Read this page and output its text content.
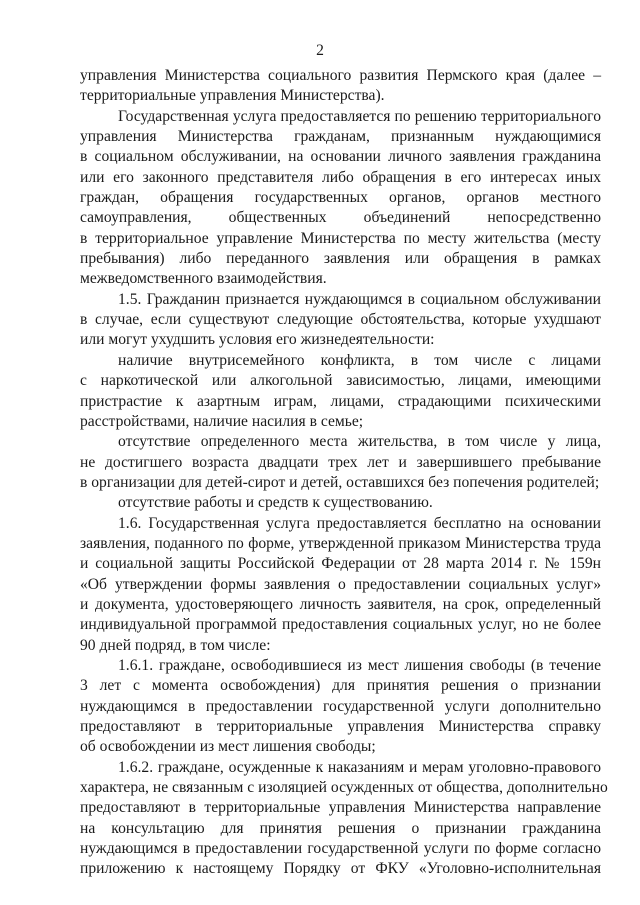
2
управления Министерства социального развития Пермского края (далее –
территориальные управления Министерства).
Государственная услуга предоставляется по решению территориального
управления Министерства гражданам, признанным нуждающимися
в социальном обслуживании, на основании личного заявления гражданина
или его законного представителя либо обращения в его интересах иных
граждан, обращения государственных органов, органов местного
самоуправления, общественных объединений непосредственно
в территориальное управление Министерства по месту жительства (месту
пребывания) либо переданного заявления или обращения в рамках
межведомственного взаимодействия.
1.5. Гражданин признается нуждающимся в социальном обслуживании
в случае, если существуют следующие обстоятельства, которые ухудшают
или могут ухудшить условия его жизнедеятельности:
наличие внутрисемейного конфликта, в том числе с лицами
с наркотической или алкогольной зависимостью, лицами, имеющими
пристрастие к азартным играм, лицами, страдающими психическими
расстройствами, наличие насилия в семье;
отсутствие определенного места жительства, в том числе у лица,
не достигшего возраста двадцати трех лет и завершившего пребывание
в организации для детей-сирот и детей, оставшихся без попечения родителей;
отсутствие работы и средств к существованию.
1.6. Государственная услуга предоставляется бесплатно на основании
заявления, поданного по форме, утвержденной приказом Министерства труда
и социальной защиты Российской Федерации от 28 марта 2014 г. № 159н
«Об утверждении формы заявления о предоставлении социальных услуг»
и документа, удостоверяющего личность заявителя, на срок, определенный
индивидуальной программой предоставления социальных услуг, но не более
90 дней подряд, в том числе:
1.6.1. граждане, освободившиеся из мест лишения свободы (в течение
3 лет с момента освобождения) для принятия решения о признании
нуждающимся в предоставлении государственной услуги дополнительно
предоставляют в территориальные управления Министерства справку
об освобождении из мест лишения свободы;
1.6.2. граждане, осужденные к наказаниям и мерам уголовно-правового
характера, не связанным с изоляцией осужденных от общества, дополнительно
предоставляют в территориальные управления Министерства направление
на консультацию для принятия решения о признании гражданина
нуждающимся в предоставлении государственной услуги по форме согласно
приложению к настоящему Порядку от ФКУ «Уголовно-исполнительная
